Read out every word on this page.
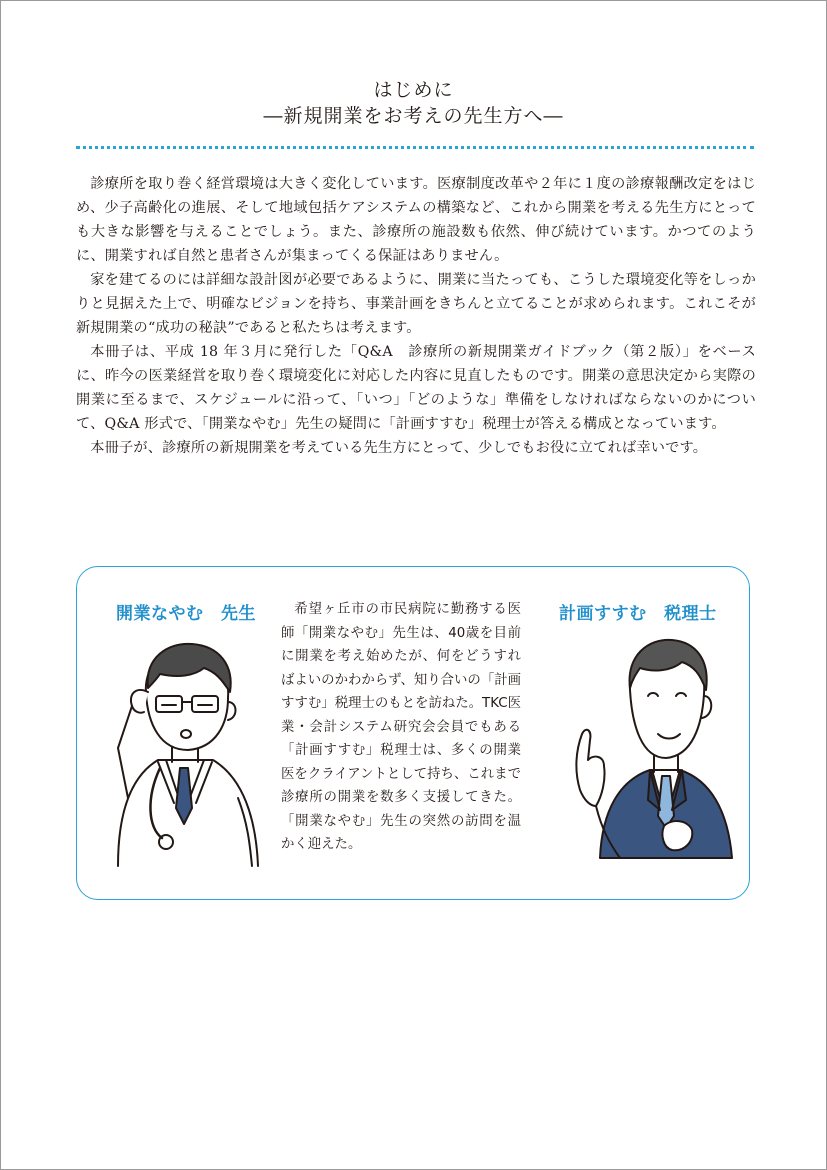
はじめに
―新規開業をお考えの先生方へ―

診療所を取り巻く経営環境は大きく変化しています。医療制度改革や２年に１度の診療報酬改定をはじめ、少子高齢化の進展、そして地域包括ケアシステムの構築など、これから開業を考える先生方にとっても大きな影響を与えることでしょう。また、診療所の施設数も依然、伸び続けています。かつてのように、開業すれば自然と患者さんが集まってくる保証はありません。

家を建てるのには詳細な設計図が必要であるように、開業に当たっても、こうした環境変化等をしっかりと見据えた上で、明確なビジョンを持ち、事業計画をきちんと立てることが求められます。これこそが新規開業の“成功の秘訣”であると私たちは考えます。

本冊子は、平成 18 年３月に発行した「Q&A　診療所の新規開業ガイドブック（第２版）」をベースに、昨今の医業経営を取り巻く環境変化に対応した内容に見直したものです。開業の意思決定から実際の開業に至るまで、スケジュールに沿って、「いつ」「どのような」準備をしなければならないのかについて、Q&A 形式で、「開業なやむ」先生の疑問に「計画すすむ」税理士が答える構成となっています。

本冊子が、診療所の新規開業を考えている先生方にとって、少しでもお役に立てれば幸いです。

開業なやむ　先生	計画すすむ　税理士

希望ヶ丘市の市民病院に勤務する医師「開業なやむ」先生は、40歳を目前に開業を考え始めたが、何をどうすればよいのかわからず、知り合いの「計画すすむ」税理士のもとを訪ねた。TKC医業・会計システム研究会会員でもある「計画すすむ」税理士は、多くの開業医をクライアントとして持ち、これまで診療所の開業を数多く支援してきた。「開業なやむ」先生の突然の訪問を温かく迎えた。
